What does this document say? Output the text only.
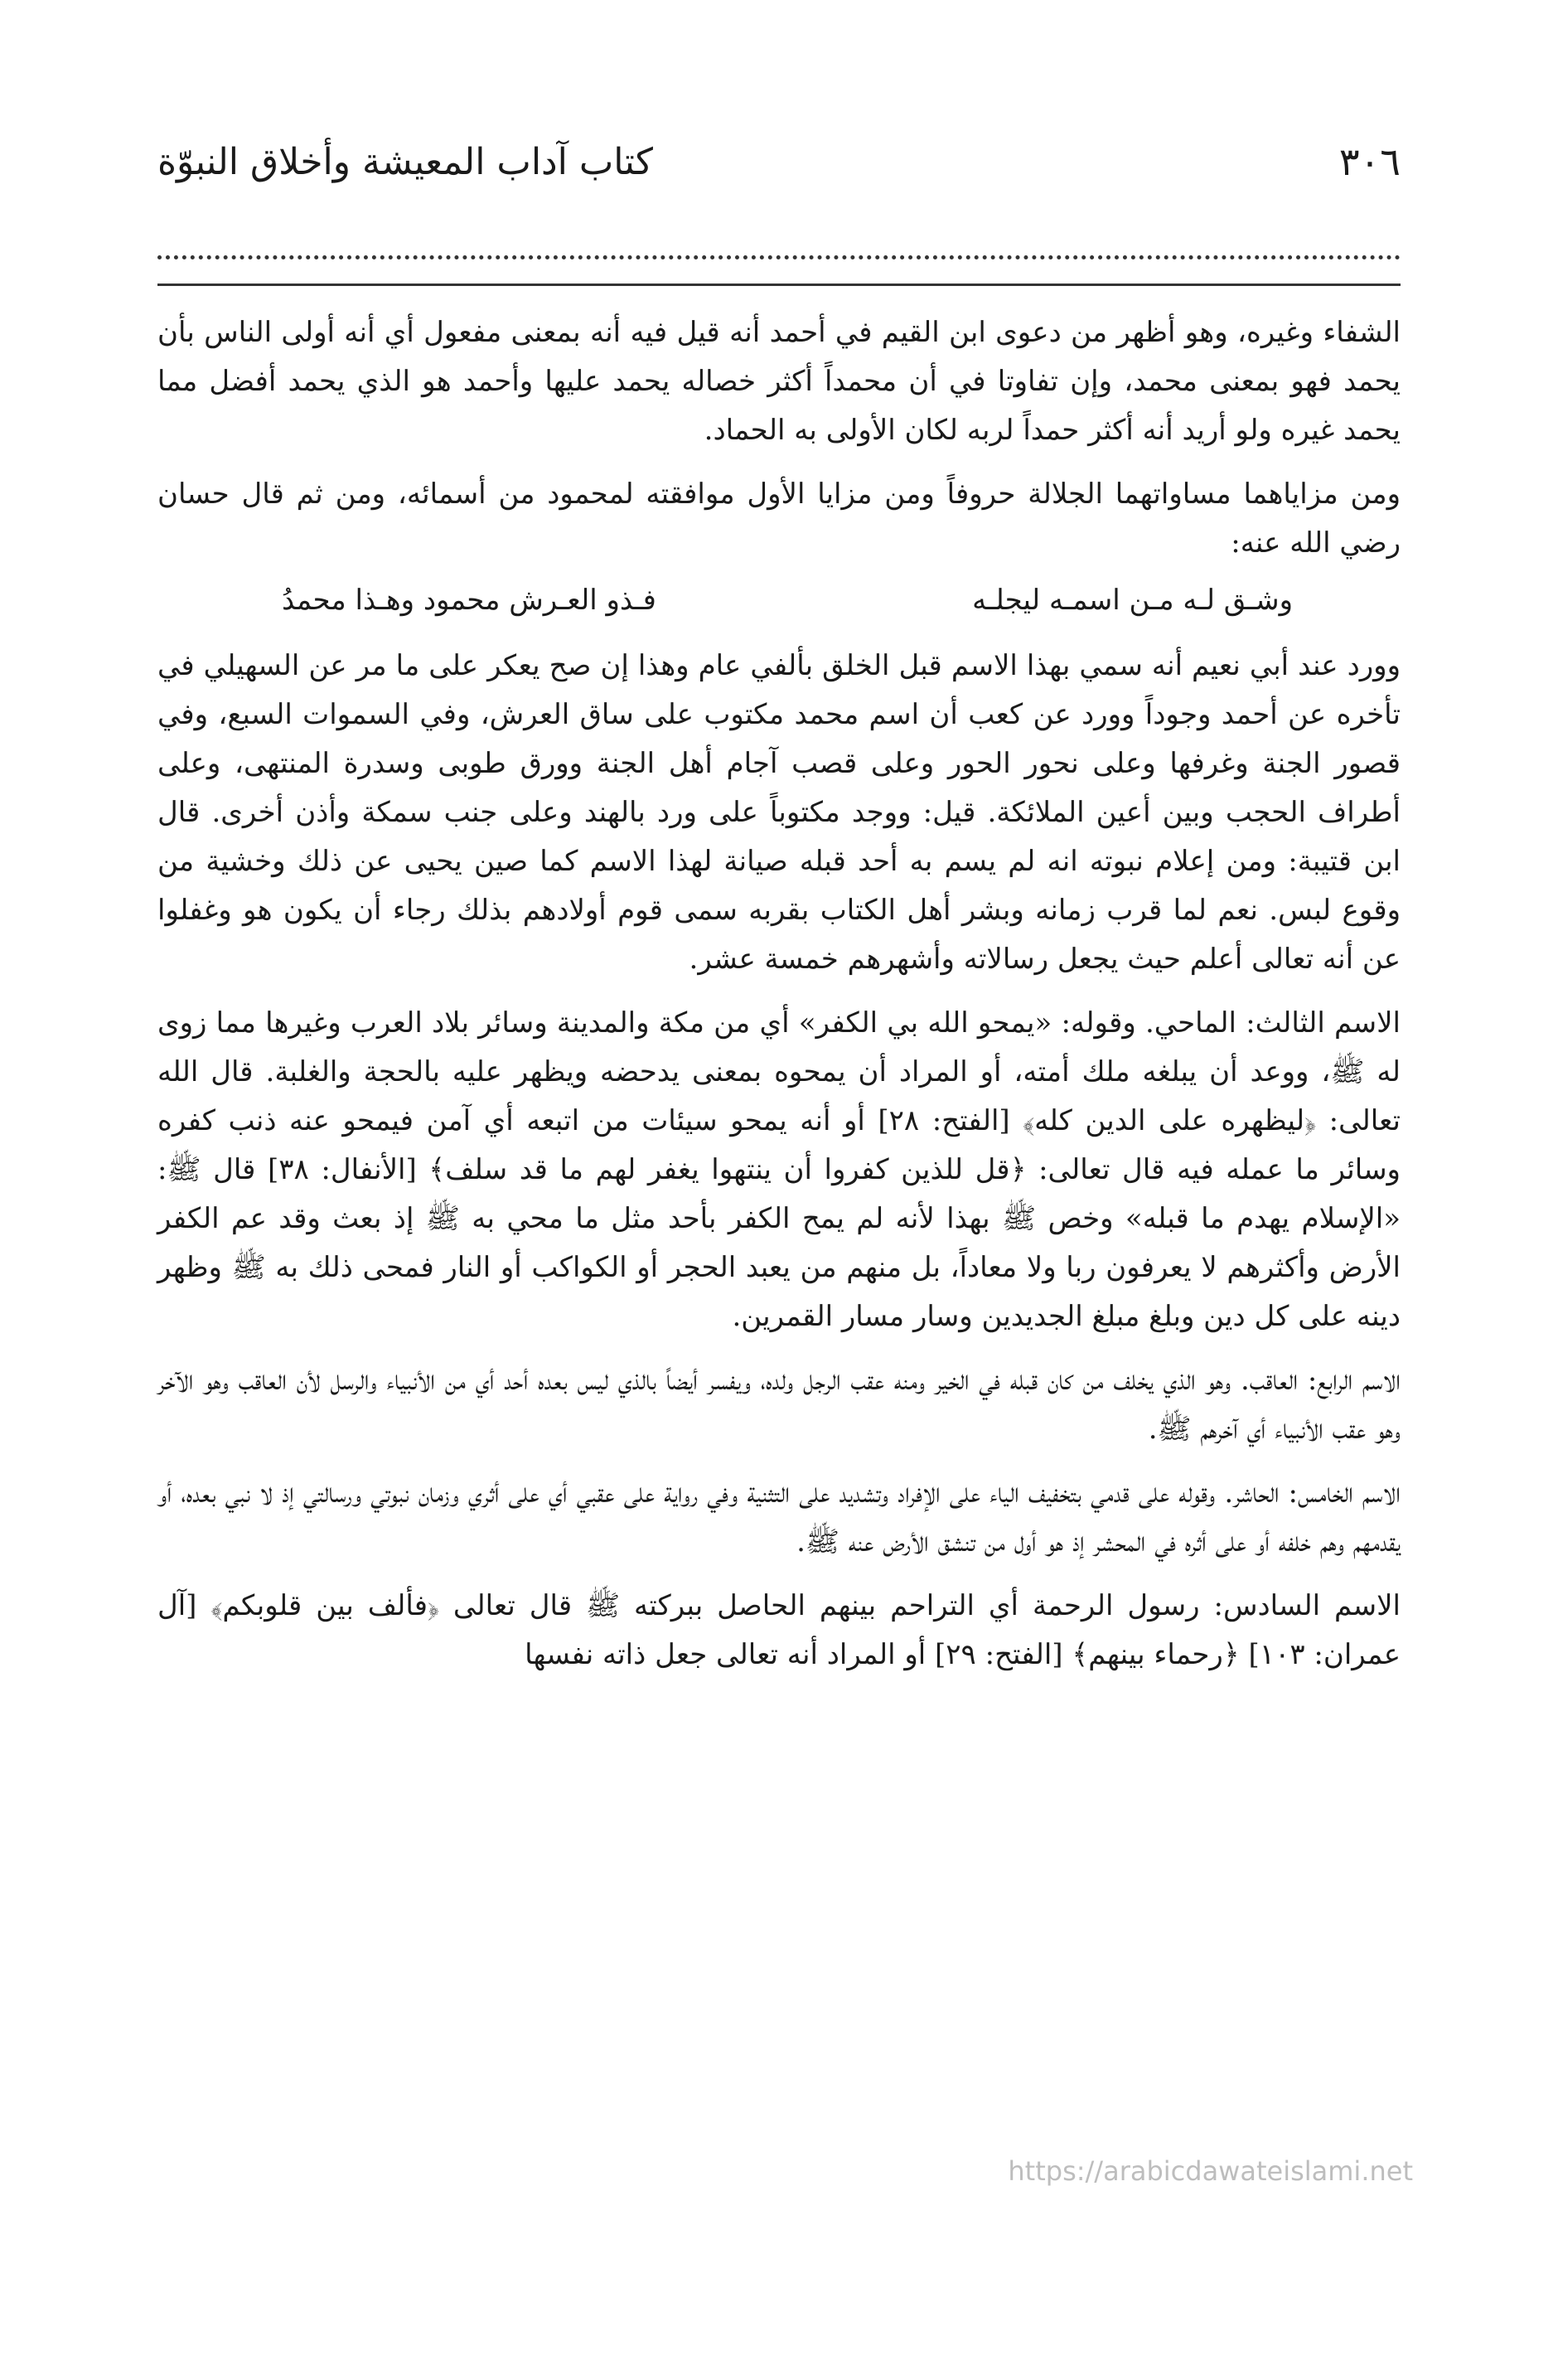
٣٠٦
كتاب آداب المعيشة وأخلاق النبوّة

الشفاء وغيره، وهو أظهر من دعوى ابن القيم في أحمد أنه قيل فيه أنه بمعنى مفعول أي أنه أولى الناس بأن يحمد فهو بمعنى محمد، وإن تفاوتا في أن محمداً أكثر خصاله يحمد عليها وأحمد هو الذي يحمد أفضل مما يحمد غيره ولو أريد أنه أكثر حمداً لربه لكان الأولى به الحماد.

ومن مزاياهما مساواتهما الجلالة حروفاً ومن مزايا الأول موافقته لمحمود من أسمائه، ومن ثم قال حسان رضي الله عنه:

وشـق لـه مـن اسمـه ليجلـه
فـذو العـرش محمود وهـذا محمدُ

وورد عند أبي نعيم أنه سمي بهذا الاسم قبل الخلق بألفي عام وهذا إن صح يعكر على ما مر عن السهيلي في تأخره عن أحمد وجوداً وورد عن كعب أن اسم محمد مكتوب على ساق العرش، وفي السموات السبع، وفي قصور الجنة وغرفها وعلى نحور الحور وعلى قصب آجام أهل الجنة وورق طوبى وسدرة المنتهى، وعلى أطراف الحجب وبين أعين الملائكة. قيل: ووجد مكتوباً على ورد بالهند وعلى جنب سمكة وأذن أخرى. قال ابن قتيبة: ومن إعلام نبوته انه لم يسم به أحد قبله صيانة لهذا الاسم كما صين يحيى عن ذلك وخشية من وقوع لبس. نعم لما قرب زمانه وبشر أهل الكتاب بقربه سمى قوم أولادهم بذلك رجاء أن يكون هو وغفلوا عن أنه تعالى أعلم حيث يجعل رسالاته وأشهرهم خمسة عشر.

الاسم الثالث: الماحي. وقوله: «يمحو الله بي الكفر» أي من مكة والمدينة وسائر بلاد العرب وغيرها مما زوى له ﷺ، ووعد أن يبلغه ملك أمته، أو المراد أن يمحوه بمعنى يدحضه ويظهر عليه بالحجة والغلبة. قال الله تعالى: ﴿ليظهره على الدين كله﴾ [الفتح: ٢٨] أو أنه يمحو سيئات من اتبعه أي آمن فيمحو عنه ذنب كفره وسائر ما عمله فيه قال تعالى: ﴿قل للذين كفروا أن ينتهوا يغفر لهم ما قد سلف﴾ [الأنفال: ٣٨] قال ﷺ: «الإسلام يهدم ما قبله» وخص ﷺ بهذا لأنه لم يمح الكفر بأحد مثل ما محي به ﷺ إذ بعث وقد عم الكفر الأرض وأكثرهم لا يعرفون ربا ولا معاداً، بل منهم من يعبد الحجر أو الكواكب أو النار فمحى ذلك به ﷺ وظهر دينه على كل دين وبلغ مبلغ الجديدين وسار مسار القمرين.

الاسم الرابع: العاقب. وهو الذي يخلف من كان قبله في الخير ومنه عقب الرجل ولده، ويفسر أيضاً بالذي ليس بعده أحد أي من الأنبياء والرسل لأن العاقب وهو الآخر وهو عقب الأنبياء أي آخرهم ﷺ.

الاسم الخامس: الحاشر. وقوله على قدمي بتخفيف الياء على الإفراد وتشديد على التثنية وفي رواية على عقبي أي على أثري وزمان نبوتي ورسالتي إذ لا نبي بعده، أو يقدمهم وهم خلفه أو على أثره في المحشر إذ هو أول من تنشق الأرض عنه ﷺ.

الاسم السادس: رسول الرحمة أي التراحم بينهم الحاصل ببركته ﷺ قال تعالى ﴿فألف بين قلوبكم﴾ [آل عمران: ١٠٣] ﴿رحماء بينهم﴾ [الفتح: ٢٩] أو المراد أنه تعالى جعل ذاته نفسها

https://arabicdawateislami.net
